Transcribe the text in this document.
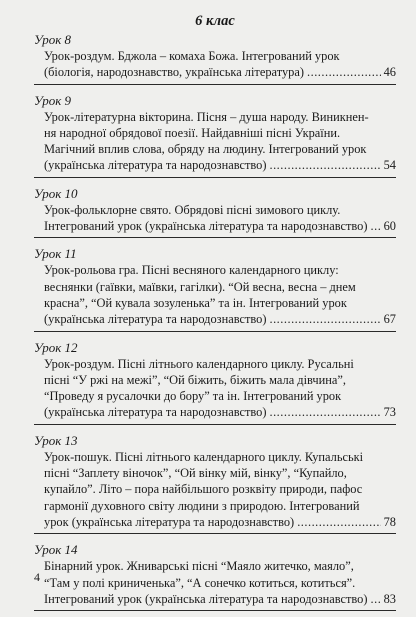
6 клас
Урок 8
Урок-роздум. Бджола – комаха Божа. Інтегрований урок
(біологія, народознавство, українська література) .....	46
Урок 9
Урок-літературна вікторина. Пісня – душа народу. Виникнен-
ня народної обрядової поезії. Найдавніші пісні України.
Магічний вплив слова, обряду на людину. Інтегрований урок
(українська література та народознавство) .....	54
Урок 10
Урок-фольклорне свято. Обрядові пісні зимового циклу.
Інтегрований урок (українська література та народознавство) ..... 60
Урок 11
Урок-рольова гра. Пісні весняного календарного циклу:
веснянки (гаївки, маївки, гагілки). “Ой весна, весна – днем
красна”, “Ой кувала зозуленька” та ін. Інтегрований урок
(українська література та народознавство) .....	67
Урок 12
Урок-роздум. Пісні літнього календарного циклу. Русальні
пісні “У ржі на межі”, “Ой біжить, біжить мала дівчина”,
“Проведу я русалочки до бору” та ін. Інтегрований урок
(українська література та народознавство) .....	73
Урок 13
Урок-пошук. Пісні літнього календарного циклу. Купальські
пісні “Заплету віночок”, “Ой вінку мій, вінку”, “Купайло,
купайло”. Літо – пора найбільшого розквіту природи, пафос
гармонії духовного світу людини з природою. Інтегрований
урок (українська література та народознавство) .....	78
Урок 14
Бінарний урок. Жниварські пісні “Маяло житечко, маяло”,
“Там у полі криниченька”, “А сонечко котиться, котиться”.
Інтегрований урок (українська література та народознавство) ..... 83
4
